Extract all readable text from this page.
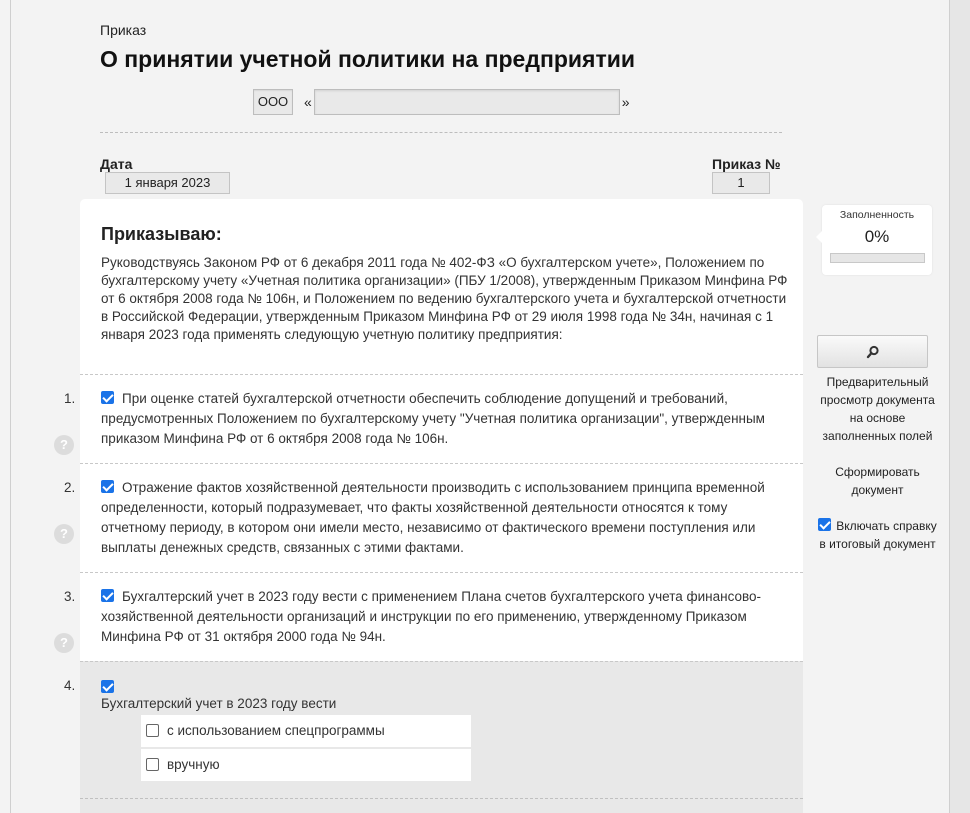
Приказ
О принятии учетной политики на предприятии
ООО	«	»
Дата
1 января 2023
Приказ №
1
Приказываю:

Руководствуясь Законом РФ от 6 декабря 2011 года № 402-ФЗ «О бухгалтерском учете», Положением по бухгалтерскому учету «Учетная политика организации» (ПБУ 1/2008), утвержденным Приказом Минфина РФ от 6 октября 2008 года № 106н, и Положением по ведению бухгалтерского учета и бухгалтерской отчетности в Российской Федерации, утвержденным Приказом Минфина РФ от 29 июля 1998 года № 34н, начиная с 1 января 2023 года применять следующую учетную политику предприятия:

При оценке статей бухгалтерской отчетности обеспечить соблюдение допущений и требований, предусмотренных Положением по бухгалтерскому учету "Учетная политика организации", утвержденным приказом Минфина РФ от 6 октября 2008 года № 106н.
Отражение фактов хозяйственной деятельности производить с использованием принципа временной определенности, который подразумевает, что факты хозяйственной деятельности относятся к тому отчетному периоду, в котором они имели место, независимо от фактического времени поступления или выплаты денежных средств, связанных с этими фактами.
Бухгалтерский учет в 2023 году вести с применением Плана счетов бухгалтерского учета финансово-хозяйственной деятельности организаций и инструкции по его применению, утвержденному Приказом Минфина РФ от 31 октября 2000 года № 94н.
Бухгалтерский учет в 2023 году вести
с использованием спецпрограммы
вручную
1.
?
2.
?
3.
?
4.
Заполненность
0%
Предварительный просмотр документа на основе заполненных полей
Сформировать документ
Включать справку в итоговый документ
